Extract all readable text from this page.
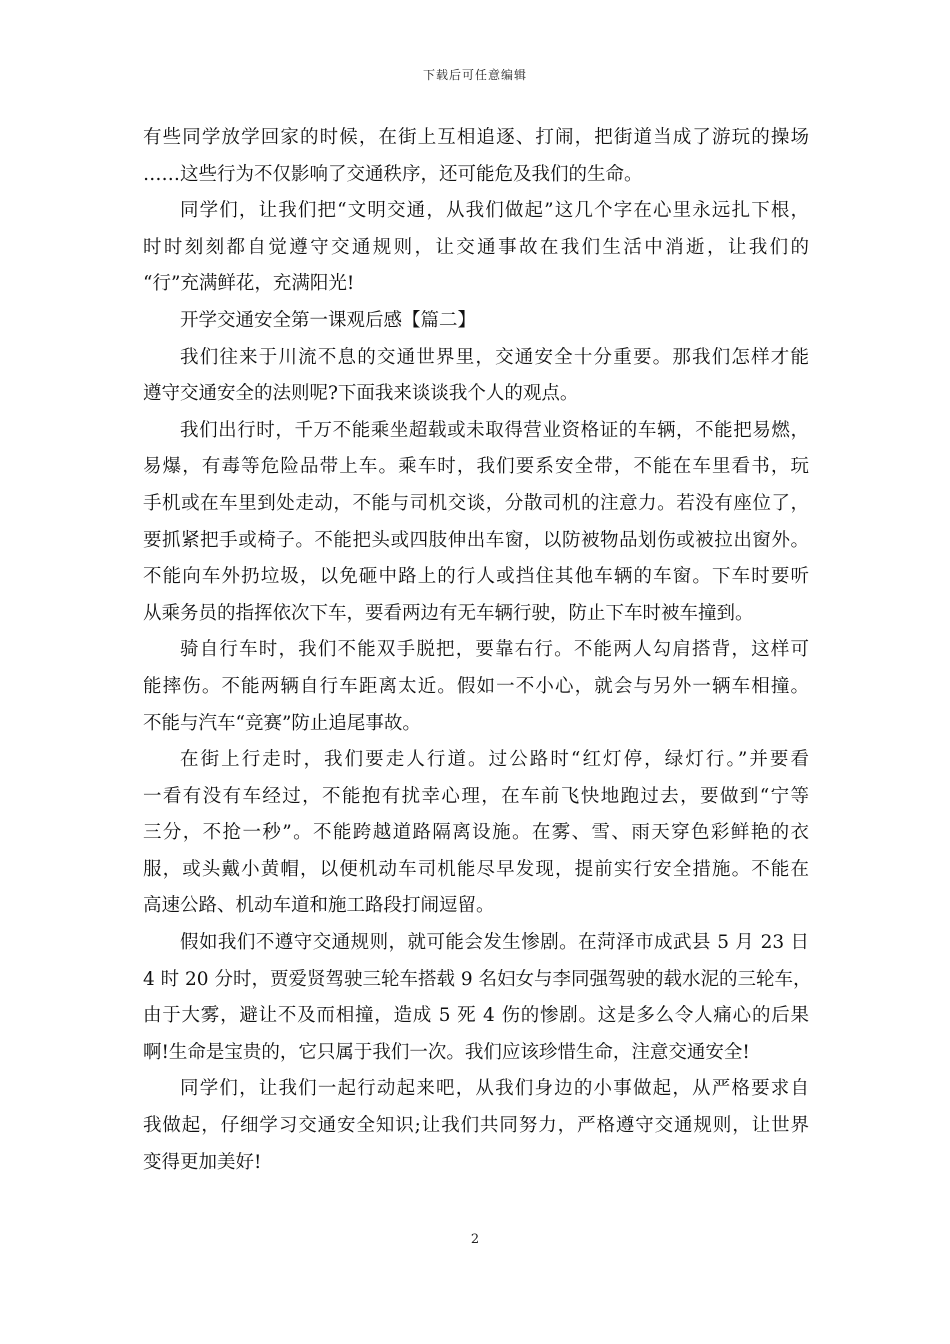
下载后可任意编辑
有些同学放学回家的时候，在街上互相追逐、打闹，把街道当成了游玩的操场
……这些行为不仅影响了交通秩序，还可能危及我们的生命。
同学们，让我们把“文明交通，从我们做起”这几个字在心里永远扎下根，
时时刻刻都自觉遵守交通规则，让交通事故在我们生活中消逝，让我们的
“行”充满鲜花，充满阳光!
开学交通安全第一课观后感【篇二】
我们往来于川流不息的交通世界里，交通安全十分重要。那我们怎样才能
遵守交通安全的法则呢?下面我来谈谈我个人的观点。
我们出行时，千万不能乘坐超载或未取得营业资格证的车辆，不能把易燃，
易爆，有毒等危险品带上车。乘车时，我们要系安全带，不能在车里看书，玩
手机或在车里到处走动，不能与司机交谈，分散司机的注意力。若没有座位了，
要抓紧把手或椅子。不能把头或四肢伸出车窗，以防被物品划伤或被拉出窗外。
不能向车外扔垃圾，以免砸中路上的行人或挡住其他车辆的车窗。下车时要听
从乘务员的指挥依次下车，要看两边有无车辆行驶，防止下车时被车撞到。
骑自行车时，我们不能双手脱把，要靠右行。不能两人勾肩搭背，这样可
能摔伤。不能两辆自行车距离太近。假如一不小心，就会与另外一辆车相撞。
不能与汽车“竞赛”防止追尾事故。
在街上行走时，我们要走人行道。过公路时“红灯停，绿灯行。”并要看
一看有没有车经过，不能抱有扰幸心理，在车前飞快地跑过去，要做到“宁等
三分，不抢一秒”。不能跨越道路隔离设施。在雾、雪、雨天穿色彩鲜艳的衣
服，或头戴小黄帽，以便机动车司机能尽早发现，提前实行安全措施。不能在
高速公路、机动车道和施工路段打闹逗留。
假如我们不遵守交通规则，就可能会发生惨剧。在菏泽市成武县 5 月 23 日
4 时 20 分时，贾爱贤驾驶三轮车搭载 9 名妇女与李同强驾驶的载水泥的三轮车，
由于大雾，避让不及而相撞，造成 5 死 4 伤的惨剧。这是多么令人痛心的后果
啊!生命是宝贵的，它只属于我们一次。我们应该珍惜生命，注意交通安全!
同学们，让我们一起行动起来吧，从我们身边的小事做起，从严格要求自
我做起，仔细学习交通安全知识;让我们共同努力，严格遵守交通规则，让世界
变得更加美好!
2
